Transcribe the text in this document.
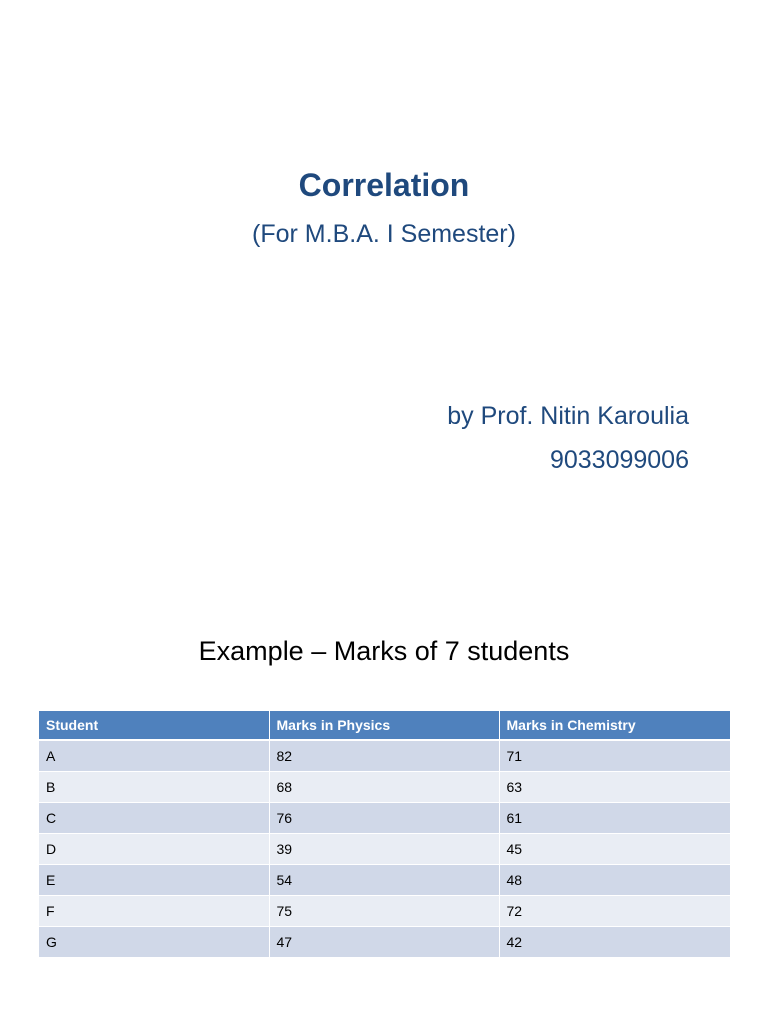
Correlation
(For M.B.A. I Semester)
by Prof. Nitin Karoulia
9033099006
Example – Marks of 7 students
Student	Marks in Physics	Marks in Chemistry
A	82	71
B	68	63
C	76	61
D	39	45
E	54	48
F	75	72
G	47	42
